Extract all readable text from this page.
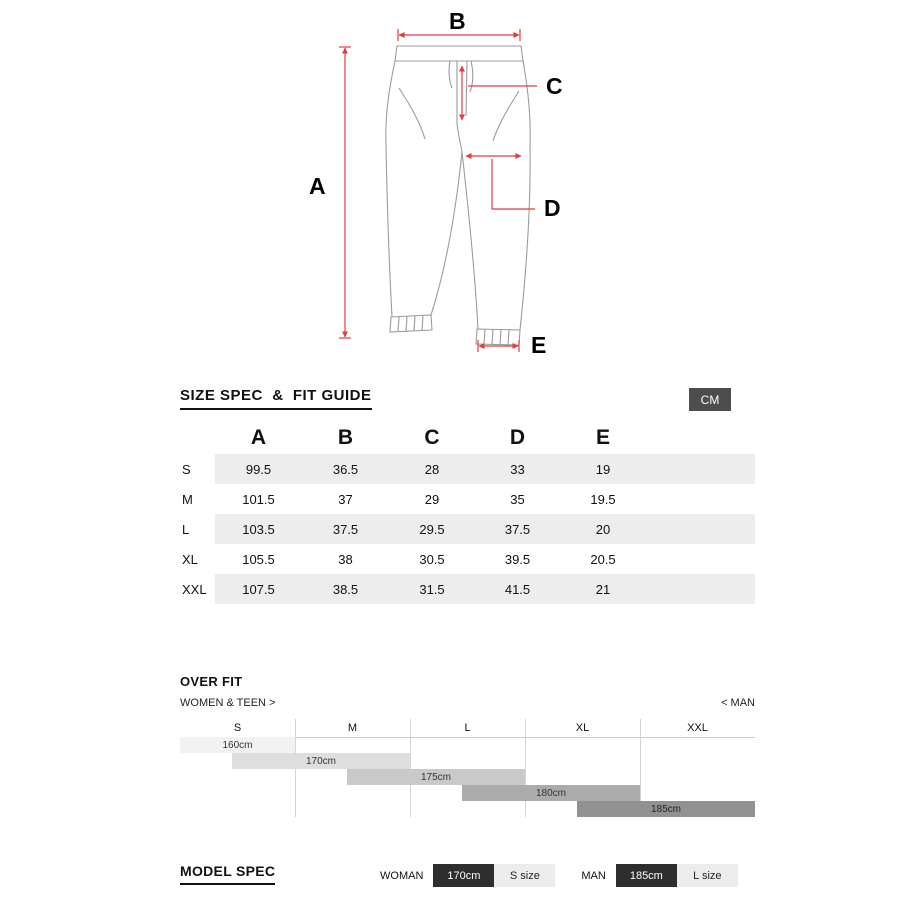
B
A
C
D
E
SIZE SPEC  &  FIT GUIDE	CM
A	B	C	D	E
S	99.5	36.5	28	33	19
M	101.5	37	29	35	19.5
L	103.5	37.5	29.5	37.5	20
XL	105.5	38	30.5	39.5	20.5
XXL	107.5	38.5	31.5	41.5	21
OVER FIT
WOMEN & TEEN >	< MAN
S	M	L	XL	XXL
160cm
170cm
175cm
180cm
185cm
MODEL SPEC	WOMAN	170cm	S size	MAN	185cm	L size
